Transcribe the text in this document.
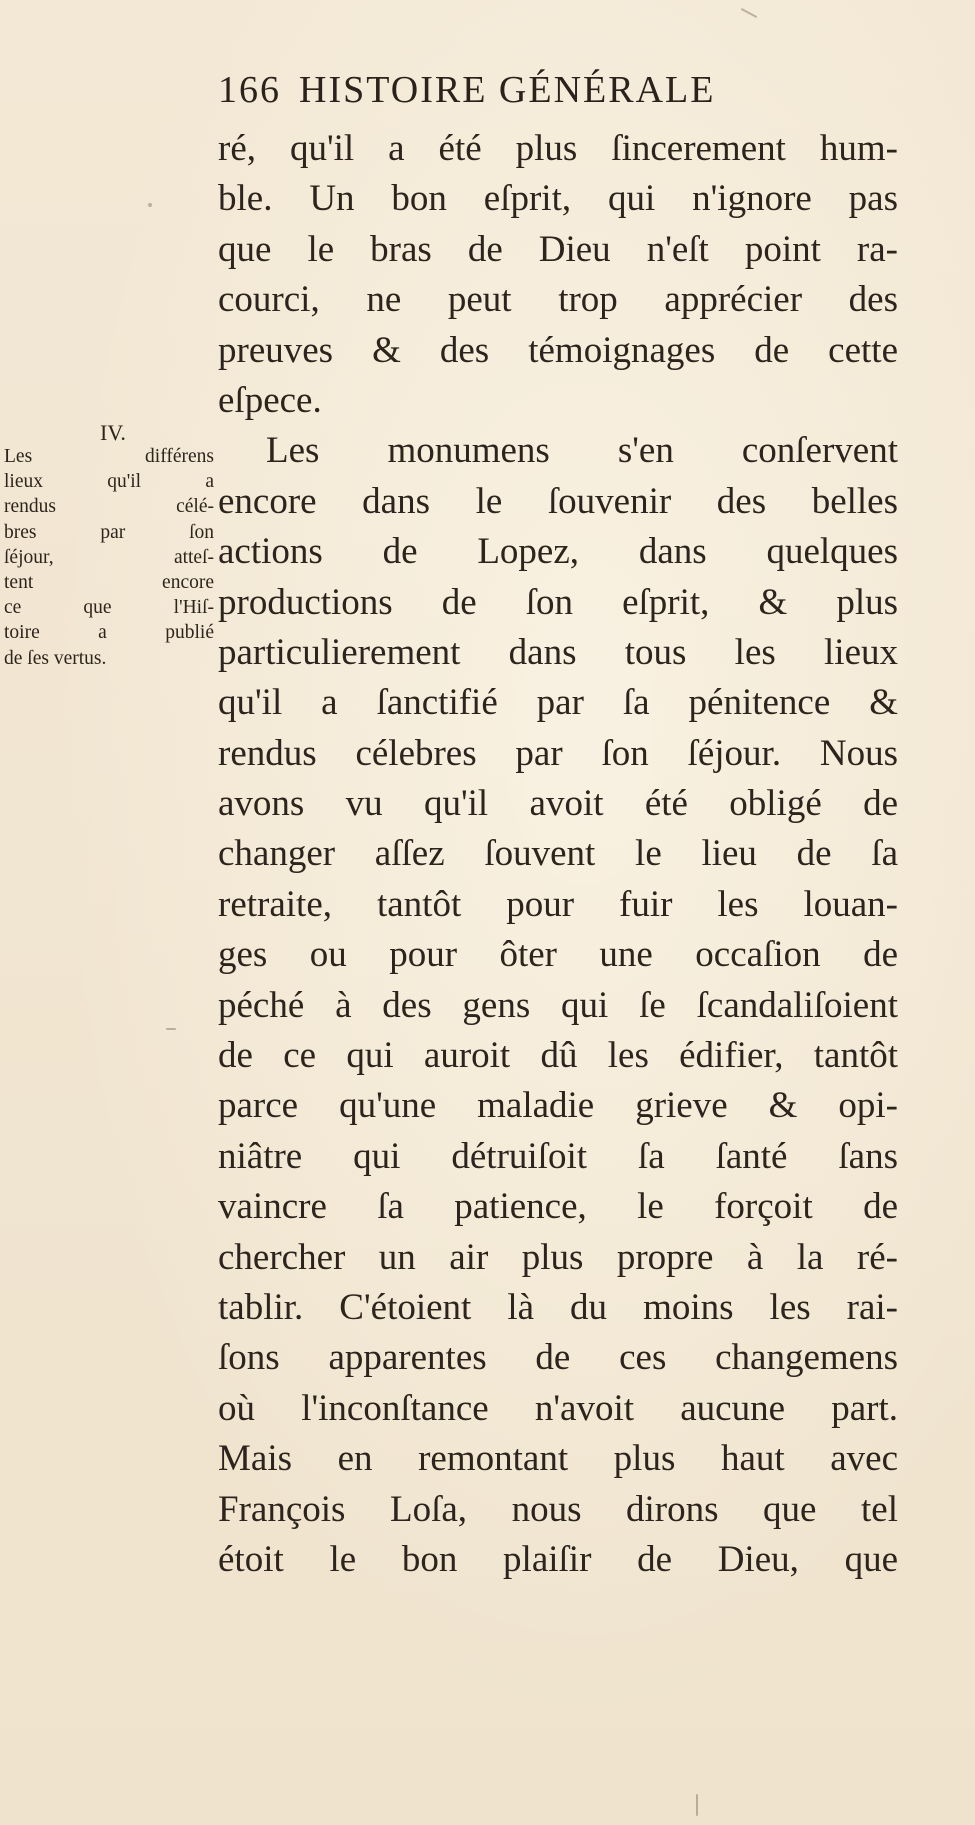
166 HISTOIRE GÉNÉRALE
IV.
Les différens
lieux qu'il a
rendus célé-
bres par ſon
ſéjour, atteſ-
tent encore
ce que l'Hiſ-
toire a publié
de ſes vertus.
ré, qu'il a été plus ſincerement hum-
ble. Un bon eſprit, qui n'ignore pas
que le bras de Dieu n'eſt point ra-
courci, ne peut trop apprécier des
preuves & des témoignages de cette
eſpece.
Les monumens s'en conſervent
encore dans le ſouvenir des belles
actions de Lopez, dans quelques
productions de ſon eſprit, & plus
particulierement dans tous les lieux
qu'il a ſanctifié par ſa pénitence &
rendus célebres par ſon ſéjour. Nous
avons vu qu'il avoit été obligé de
changer aſſez ſouvent le lieu de ſa
retraite, tantôt pour fuir les louan-
ges ou pour ôter une occaſion de
péché à des gens qui ſe ſcandaliſoient
de ce qui auroit dû les édifier, tantôt
parce qu'une maladie grieve & opi-
niâtre qui détruiſoit ſa ſanté ſans
vaincre ſa patience, le forçoit de
chercher un air plus propre à la ré-
tablir. C'étoient là du moins les rai-
ſons apparentes de ces changemens
où l'inconſtance n'avoit aucune part.
Mais en remontant plus haut avec
François Loſa, nous dirons que tel
étoit le bon plaiſir de Dieu, que
